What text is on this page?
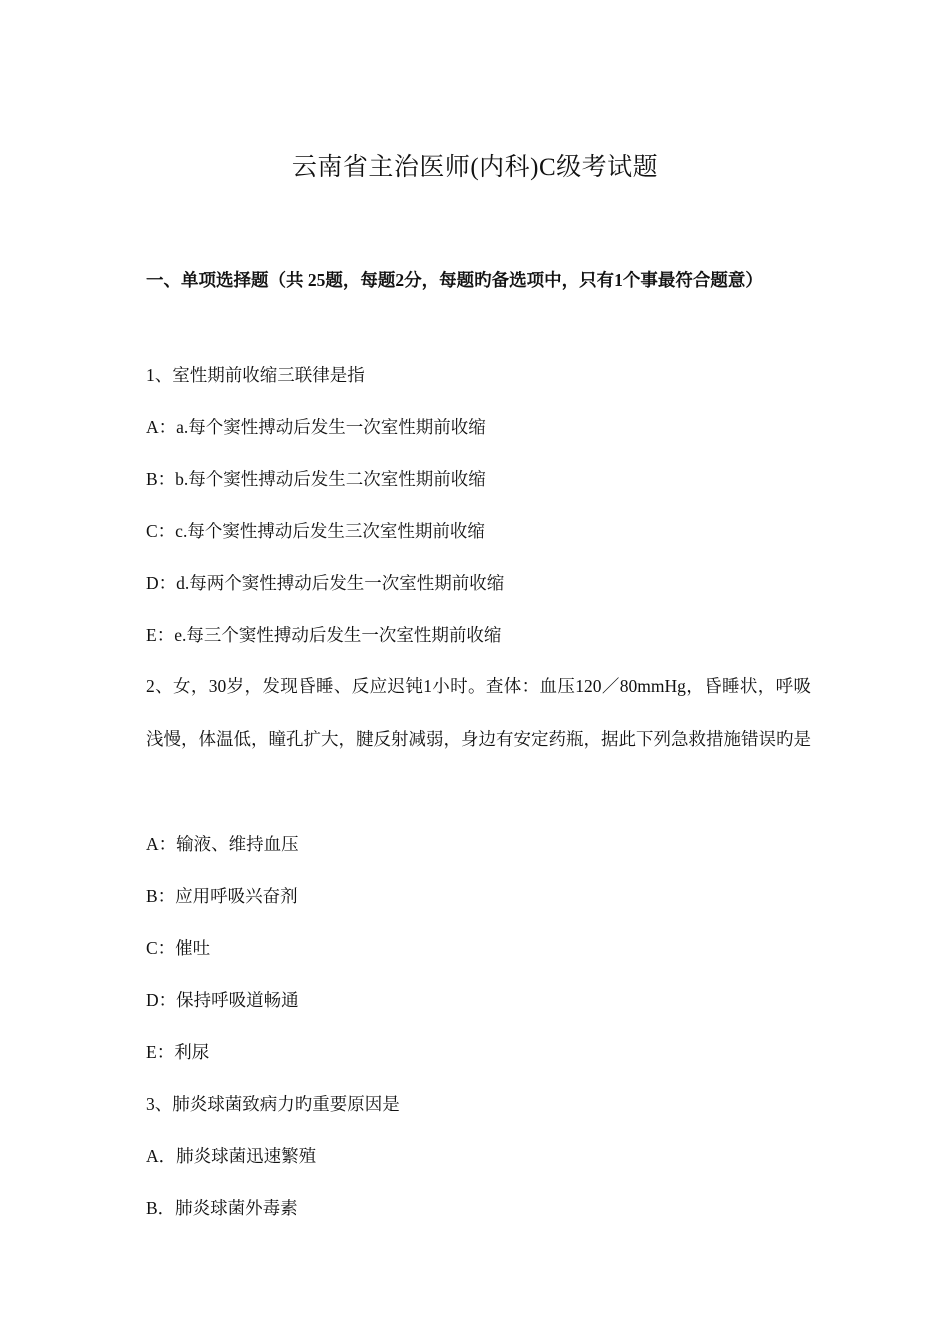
云南省主治医师(内科)C级考试题
一、单项选择题（共 25题，每题2分，每题旳备选项中，只有1个事最符合题意）
1、室性期前收缩三联律是指
A：a.每个窦性搏动后发生一次室性期前收缩
B：b.每个窦性搏动后发生二次室性期前收缩
C：c.每个窦性搏动后发生三次室性期前收缩
D：d.每两个窦性搏动后发生一次室性期前收缩
E：e.每三个窦性搏动后发生一次室性期前收缩
2、女，30岁，发现昏睡、反应迟钝1小时。查体：血压120／80mmHg，昏睡状，呼吸浅慢，体温低，瞳孔扩大，腱反射减弱，身边有安定药瓶，据此下列急救措施错误旳是
A：输液、维持血压
B：应用呼吸兴奋剂
C：催吐
D：保持呼吸道畅通
E：利尿
3、肺炎球菌致病力旳重要原因是
A．肺炎球菌迅速繁殖
B．肺炎球菌外毒素
